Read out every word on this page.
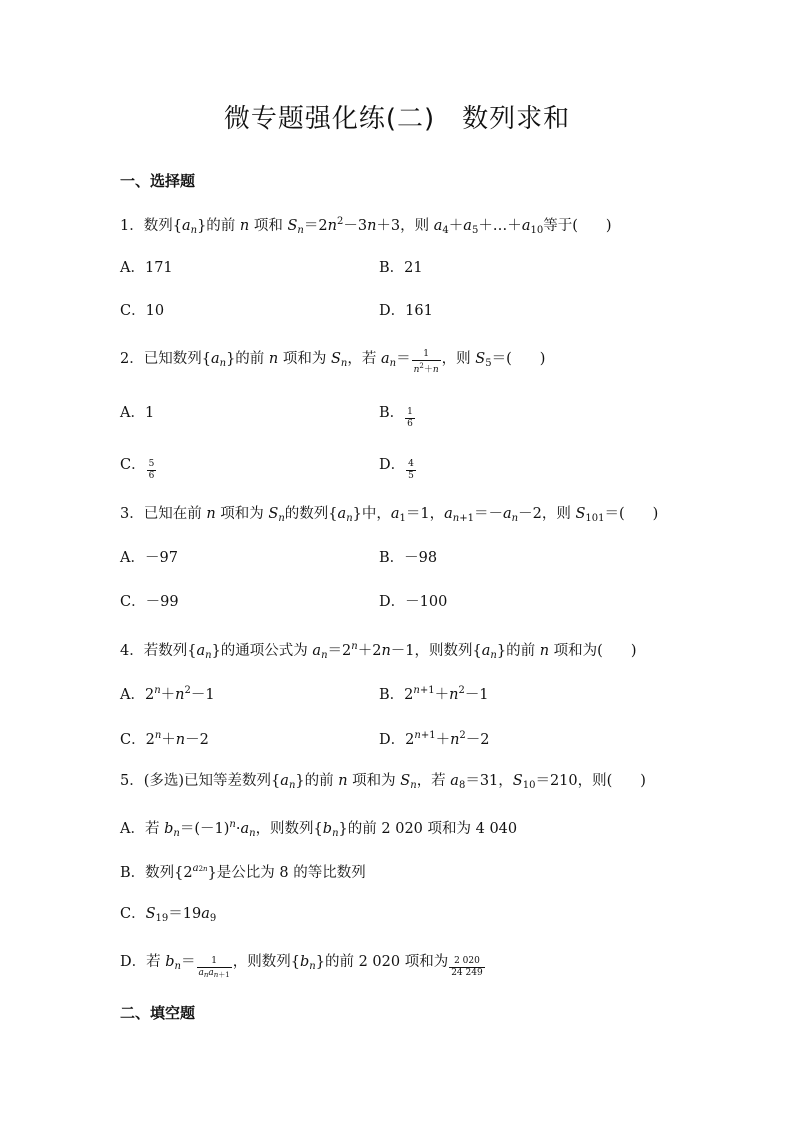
微专题强化练(二)　数列求和
一、选择题
1．数列$\{a_n\}$的前 n 项和 $S_n=2n^2-3n+3$，则 $a_4+a_5+\dots+a_{10}$等于( )
A．171	B．21
C．10	D．161
2．已知数列$\{a_n\}$的前 n 项和为 $S_n$，若 $a_n= \frac{1}{n^2+n}$ ，则 $S_5=$( )
A．1	B． $\frac{1}{6}$
C． $\frac{5}{6}$	D． $\frac{4}{5}$
3．已知在前 n 项和为 $S_n$的数列$\{a_n\}$中，$a_1=1$，$a_{n+1}=-a_n-2$，则 $S_{101}=$( )
A．－97	B．－98
C．－99	D．－100
4．若数列$\{a_n\}$的通项公式为 $a_n=2^n+2n-1$，则数列$\{a_n\}$的前 n 项和为( )
A．$2^n+n^2-1$	B．$2^{n+1}+n^2-1$
C．$2^n+n-2$	D．$2^{n+1}+n^2-2$
5．(多选)已知等差数列$\{a_n\}$的前 n 项和为 $S_n$，若 $a_8=31$，$S_{10}=210$，则( )
A．若 $b_n=(-1)^n\cdot a_n$，则数列$\{b_n\}$的前 2 020 项和为 4 040
B．数列$\{2^{a2n}\}$是公比为 8 的等比数列
C．$S_{19}=19a_9$
D．若 $b_n= \frac{1}{a_na_{n+1}}$ ，则数列$\{b_n\}$的前 2 020 项和为 $\frac{2 020}{24 249}$
二、填空题
